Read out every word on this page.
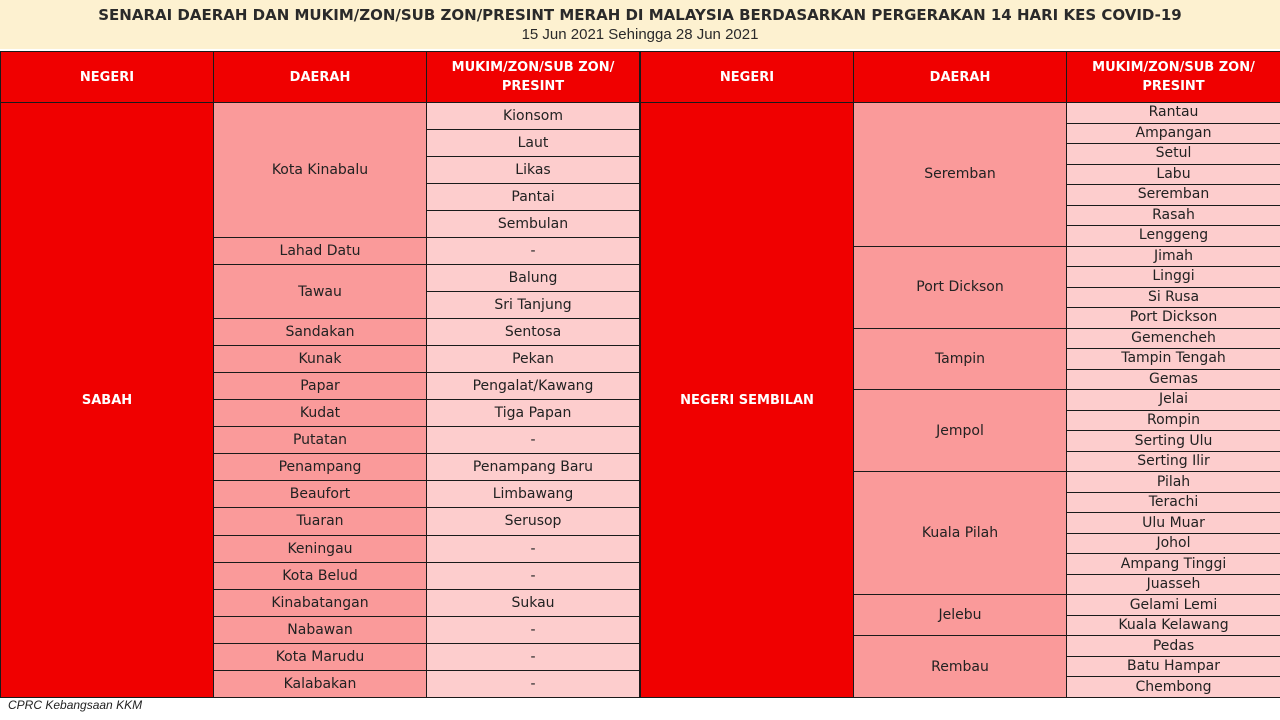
SENARAI DAERAH DAN MUKIM/ZON/SUB ZON/PRESINT MERAH DI MALAYSIA BERDASARKAN PERGERAKAN 14 HARI KES COVID-19
15 Jun 2021 Sehingga 28 Jun 2021
NEGERI	DAERAH	MUKIM/ZON/SUB ZON/ PRESINT
SABAH	Kota Kinabalu	Kionsom
		Laut
		Likas
		Pantai
		Sembulan
	Lahad Datu	-
	Tawau	Balung
		Sri Tanjung
	Sandakan	Sentosa
	Kunak	Pekan
	Papar	Pengalat/Kawang
	Kudat	Tiga Papan
	Putatan	-
	Penampang	Penampang Baru
	Beaufort	Limbawang
	Tuaran	Serusop
	Keningau	-
	Kota Belud	-
	Kinabatangan	Sukau
	Nabawan	-
	Kota Marudu	-
	Kalabakan	-
NEGERI	DAERAH	MUKIM/ZON/SUB ZON/ PRESINT
NEGERI SEMBILAN	Seremban	Rantau
		Ampangan
		Setul
		Labu
		Seremban
		Rasah
		Lenggeng
	Port Dickson	Jimah
		Linggi
		Si Rusa
		Port Dickson
	Tampin	Gemencheh
		Tampin Tengah
		Gemas
	Jempol	Jelai
		Rompin
		Serting Ulu
		Serting Ilir
	Kuala Pilah	Pilah
		Terachi
		Ulu Muar
		Johol
		Ampang Tinggi
		Juasseh
	Jelebu	Gelami Lemi
		Kuala Kelawang
	Rembau	Pedas
		Batu Hampar
		Chembong
CPRC Kebangsaan KKM
